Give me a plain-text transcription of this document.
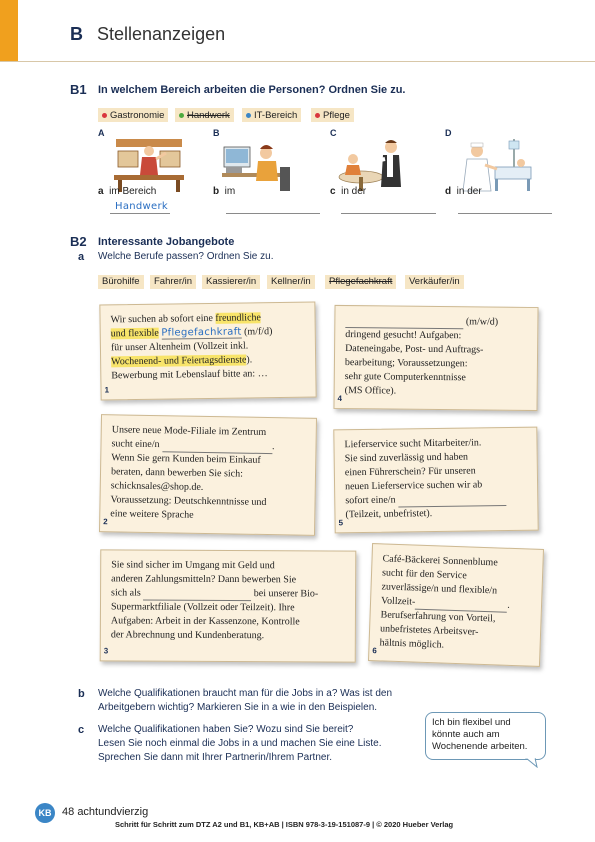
B Stellenanzeigen
B1 In welchem Bereich arbeiten die Personen? Ordnen Sie zu.
Gastronomie Handwerk	IT-Bereich	Pflege
A	B	C	D
a im Bereich
Handwerk
b im	c in der	d in der
B2 Interessante Jobangebote
a Welche Berufe passen? Ordnen Sie zu.
Bürohilfe	Fahrer/in	Kassierer/in	Kellner/in	Pflegefachkraft	Verkäufer/in
Wir suchen ab sofort eine freundliche
und flexible Pflegefachkraft (m/f/d)
für unser Altenheim (Vollzeit inkl.
Wochenend- und Feiertagsdienste).
Bewerbung mit Lebenslauf bitte an: …
1
(m/w/d)
dringend gesucht! Aufgaben:
Dateneingabe, Post- und Auftrags-
bearbeitung; Voraussetzungen:
sehr gute Computerkenntnisse
(MS Office).
4
Unsere neue Mode-Filiale im Zentrum
sucht eine/n	.
Wenn Sie gern Kunden beim Einkauf
beraten, dann bewerben Sie sich:
schicknsales@shop.de.
Voraussetzung: Deutschkenntnisse und
eine weitere Sprache
2
Lieferservice sucht Mitarbeiter/in.
Sie sind zuverlässig und haben
einen Führerschein? Für unseren
neuen Lieferservice suchen wir ab
sofort eine/n
(Teilzeit, unbefristet).
5
Sie sind sicher im Umgang mit Geld und
anderen Zahlungsmitteln? Dann bewerben Sie
sich als	bei unserer Bio-
Supermarktfiliale (Vollzeit oder Teilzeit). Ihre
Aufgaben: Arbeit in der Kassenzone, Kontrolle
der Abrechnung und Kundenberatung.
3
Café-Bäckerei Sonnenblume
sucht für den Service
zuverlässige/n und flexible/n
Vollzeit-	.
Berufserfahrung von Vorteil,
unbefristetes Arbeitsver-
hältnis möglich.
6
b Welche Qualifikationen braucht man für die Jobs in a? Was ist den
Arbeitgebern wichtig? Markieren Sie in a wie in den Beispielen.
c Welche Qualifikationen haben Sie? Wozu sind Sie bereit?
Lesen Sie noch einmal die Jobs in a und machen Sie eine Liste.
Sprechen Sie dann mit Ihrer Partnerin/Ihrem Partner.
Ich bin flexibel und
könnte auch am
Wochenende arbeiten.
KB 48 achtundvierzig
Schritt für Schritt zum DTZ A2 und B1, KB+AB | ISBN 978-3-19-151087-9 | © 2020 Hueber Verlag
